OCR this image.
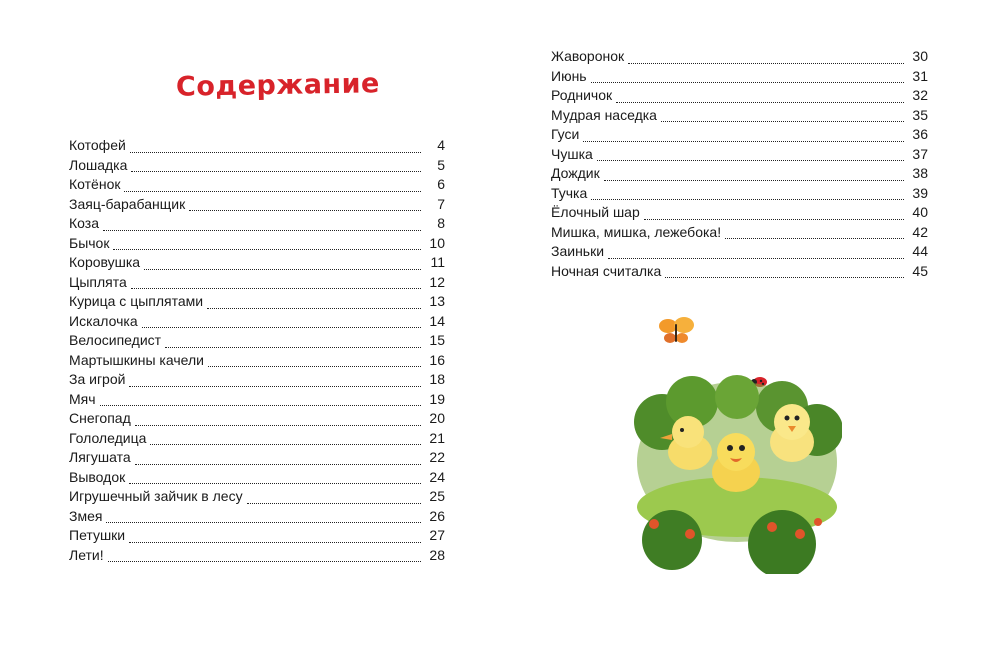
Содержание
Котофей	4
Лошадка	5
Котёнок	6
Заяц-барабанщик	7
Коза	8
Бычок	10
Коровушка	11
Цыплята	12
Курица с цыплятами	13
Искалочка	14
Велосипедист	15
Мартышкины качели	16
За игрой	18
Мяч	19
Снегопад	20
Гололедица	21
Лягушата	22
Выводок	24
Игрушечный зайчик в лесу	25
Змея	26
Петушки	27
Лети!	28
Жаворонок	30
Июнь	31
Родничок	32
Мудрая наседка	35
Гуси	36
Чушка	37
Дождик	38
Тучка	39
Ёлочный шар	40
Мишка, мишка, лежебока!	42
Заиньки	44
Ночная считалка	45
